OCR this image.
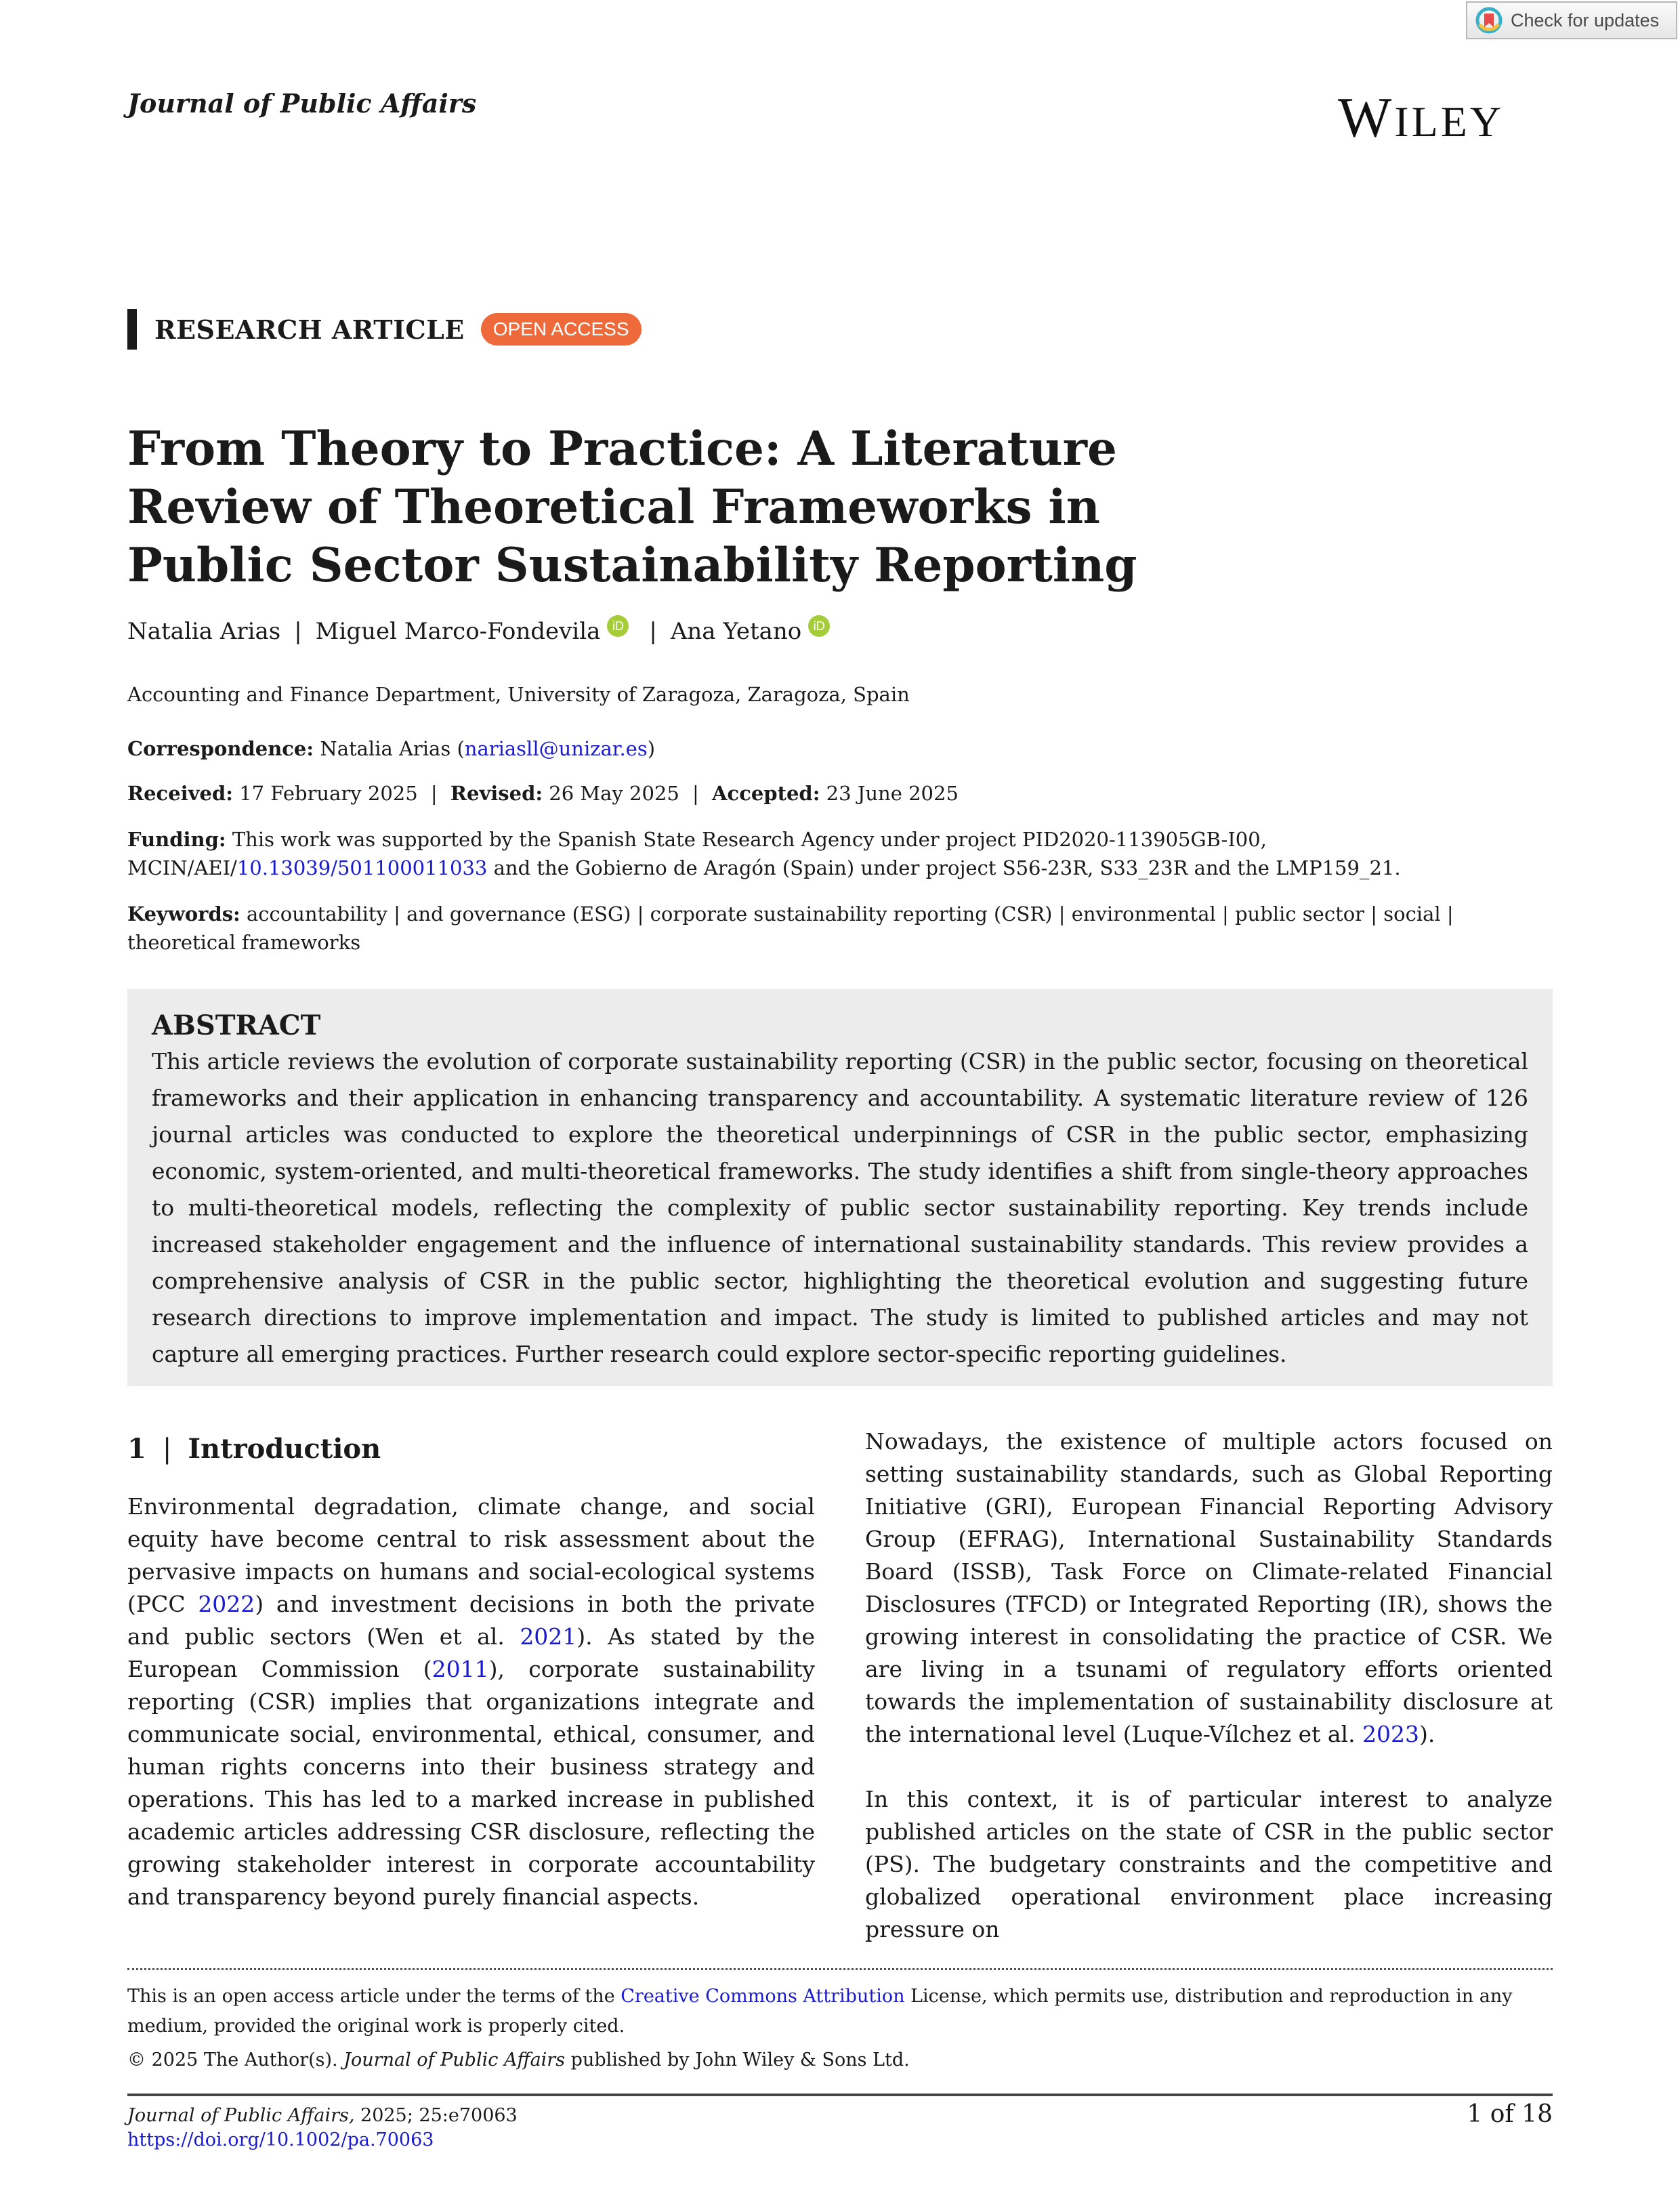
Check for updates
Journal of Public Affairs	WILEY
RESEARCH ARTICLE	OPEN ACCESS
From Theory to Practice: A Literature Review of Theoretical Frameworks in Public Sector Sustainability Reporting
Natalia Arias | Miguel Marco-Fondevila iD | Ana Yetano iD
Accounting and Finance Department, University of Zaragoza, Zaragoza, Spain
Correspondence: Natalia Arias (nariasll@unizar.es)
Received: 17 February 2025 | Revised: 26 May 2025 | Accepted: 23 June 2025
Funding: This work was supported by the Spanish State Research Agency under project PID2020-113905GB-I00, MCIN/AEI/10.13039/501100011033 and the Gobierno de Aragón (Spain) under project S56-23R, S33_23R and the LMP159_21.
Keywords: accountability | and governance (ESG) | corporate sustainability reporting (CSR) | environmental | public sector | social | theoretical frameworks
ABSTRACT

This article reviews the evolution of corporate sustainability reporting (CSR) in the public sector, focusing on theoretical frameworks and their application in enhancing transparency and accountability. A systematic literature review of 126 journal articles was conducted to explore the theoretical underpinnings of CSR in the public sector, emphasizing economic, system-oriented, and multi-theoretical frameworks. The study identifies a shift from single-theory approaches to multi-theoretical models, reflecting the complexity of public sector sustainability reporting. Key trends include increased stakeholder engagement and the influence of international sustainability standards. This review provides a comprehensive analysis of CSR in the public sector, highlighting the theoretical evolution and suggesting future research directions to improve implementation and impact. The study is limited to published articles and may not capture all emerging practices. Further research could explore sector-specific reporting guidelines.

1 | Introduction

Environmental degradation, climate change, and social equity have become central to risk assessment about the pervasive impacts on humans and social-ecological systems (PCC 2022) and investment decisions in both the private and public sectors (Wen et al. 2021). As stated by the European Commission (2011), corporate sustainability reporting (CSR) implies that organizations integrate and communicate social, environmental, ethical, consumer, and human rights concerns into their business strategy and operations. This has led to a marked increase in published academic articles addressing CSR disclosure, reflecting the growing stakeholder interest in corporate accountability and transparency beyond purely financial aspects.

Nowadays, the existence of multiple actors focused on setting sustainability standards, such as Global Reporting Initiative (GRI), European Financial Reporting Advisory Group (EFRAG), International Sustainability Standards Board (ISSB), Task Force on Climate-related Financial Disclosures (TFCD) or Integrated Reporting (IR), shows the growing interest in consolidating the practice of CSR. We are living in a tsunami of regulatory efforts oriented towards the implementation of sustainability disclosure at the international level (Luque-Vílchez et al. 2023).

In this context, it is of particular interest to analyze published articles on the state of CSR in the public sector (PS). The budgetary constraints and the competitive and globalized operational environment place increasing pressure on

This is an open access article under the terms of the Creative Commons Attribution License, which permits use, distribution and reproduction in any medium, provided the original work is properly cited.
© 2025 The Author(s). Journal of Public Affairs published by John Wiley & Sons Ltd.
Journal of Public Affairs, 2025; 25:e70063
https://doi.org/10.1002/pa.70063
1 of 18
